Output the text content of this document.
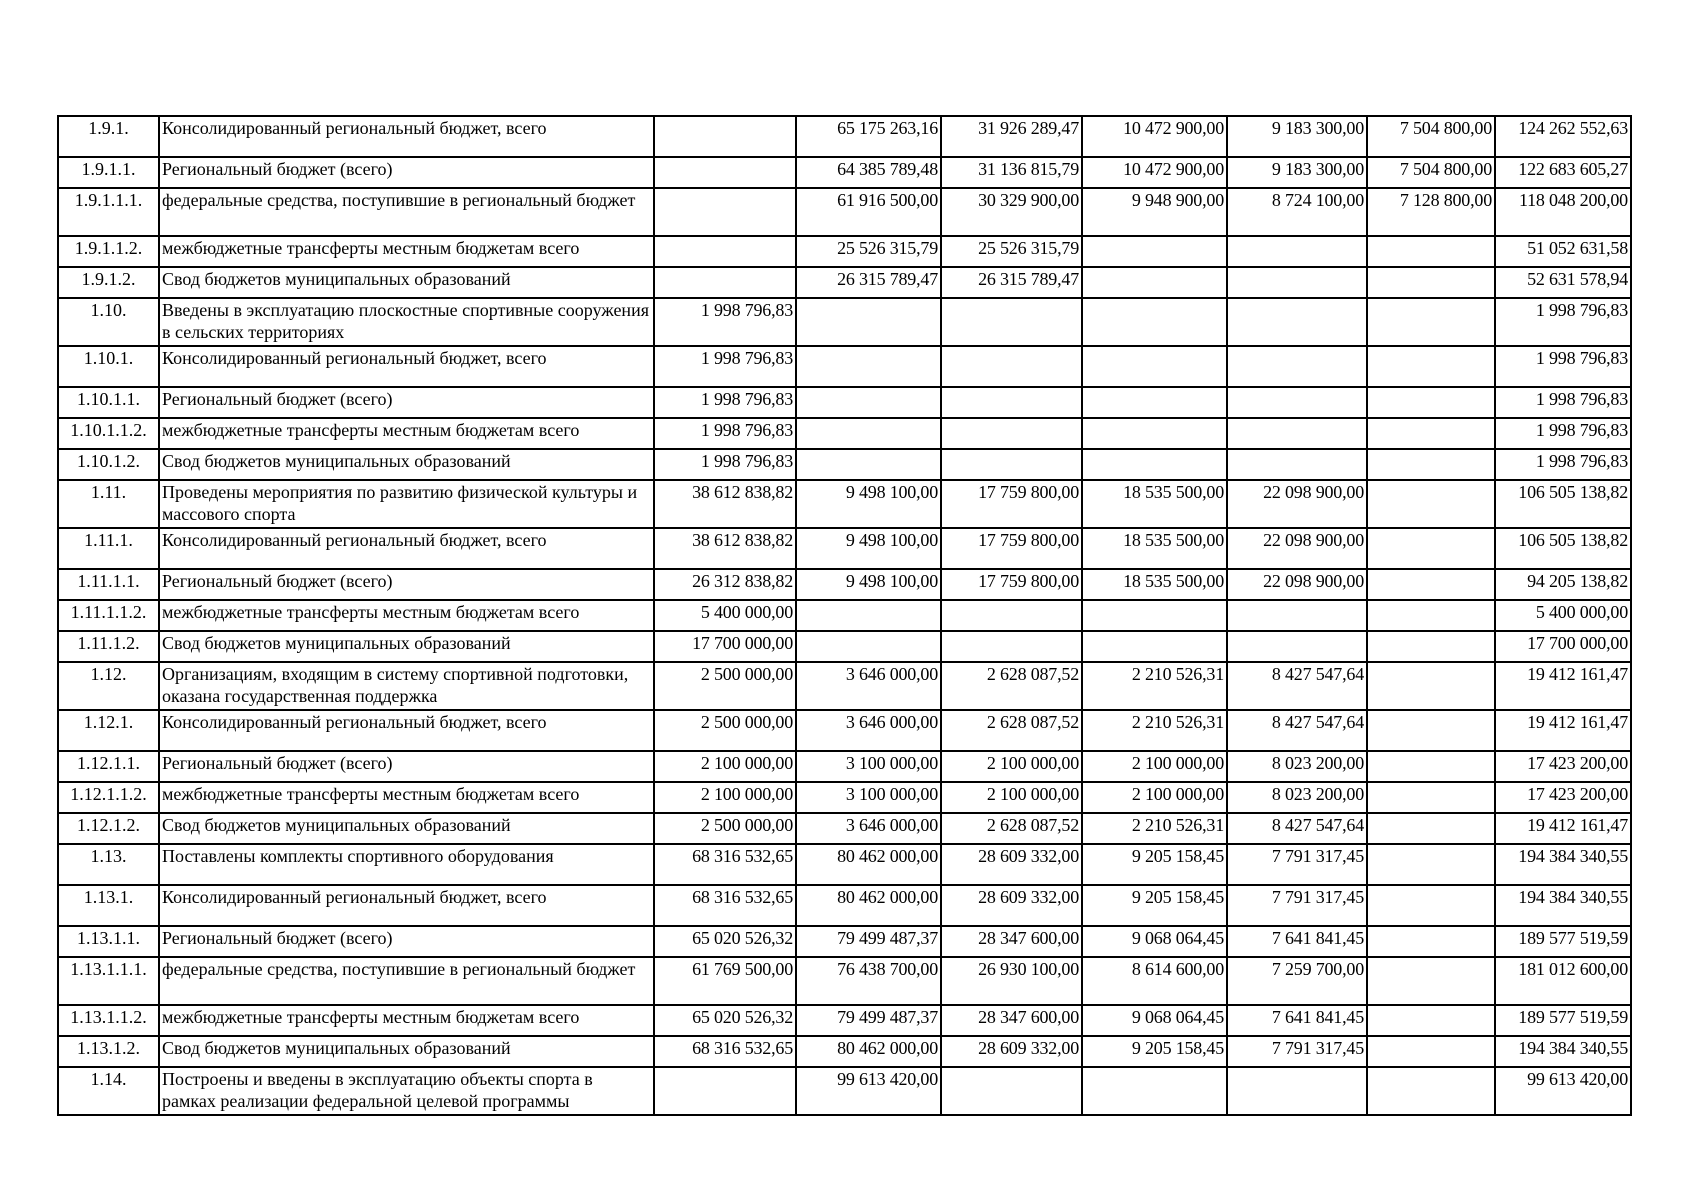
1.9.1.	Консолидированный региональный бюджет, всего		65 175 263,16	31 926 289,47	10 472 900,00	9 183 300,00	7 504 800,00	124 262 552,63
1.9.1.1.	Региональный бюджет (всего)		64 385 789,48	31 136 815,79	10 472 900,00	9 183 300,00	7 504 800,00	122 683 605,27
1.9.1.1.1.	федеральные средства, поступившие в региональный бюджет		61 916 500,00	30 329 900,00	9 948 900,00	8 724 100,00	7 128 800,00	118 048 200,00
1.9.1.1.2.	межбюджетные трансферты местным бюджетам всего		25 526 315,79	25 526 315,79				51 052 631,58
1.9.1.2.	Свод бюджетов муниципальных образований		26 315 789,47	26 315 789,47				52 631 578,94
1.10.	Введены в эксплуатацию плоскостные спортивные сооружения в сельских территориях	1 998 796,83						1 998 796,83
1.10.1.	Консолидированный региональный бюджет, всего	1 998 796,83						1 998 796,83
1.10.1.1.	Региональный бюджет (всего)	1 998 796,83						1 998 796,83
1.10.1.1.2.	межбюджетные трансферты местным бюджетам всего	1 998 796,83						1 998 796,83
1.10.1.2.	Свод бюджетов муниципальных образований	1 998 796,83						1 998 796,83
1.11.	Проведены мероприятия по развитию физической культуры и массового спорта	38 612 838,82	9 498 100,00	17 759 800,00	18 535 500,00	22 098 900,00		106 505 138,82
1.11.1.	Консолидированный региональный бюджет, всего	38 612 838,82	9 498 100,00	17 759 800,00	18 535 500,00	22 098 900,00		106 505 138,82
1.11.1.1.	Региональный бюджет (всего)	26 312 838,82	9 498 100,00	17 759 800,00	18 535 500,00	22 098 900,00		94 205 138,82
1.11.1.1.2.	межбюджетные трансферты местным бюджетам всего	5 400 000,00						5 400 000,00
1.11.1.2.	Свод бюджетов муниципальных образований	17 700 000,00						17 700 000,00
1.12.	Организациям, входящим в систему спортивной подготовки, оказана государственная поддержка	2 500 000,00	3 646 000,00	2 628 087,52	2 210 526,31	8 427 547,64		19 412 161,47
1.12.1.	Консолидированный региональный бюджет, всего	2 500 000,00	3 646 000,00	2 628 087,52	2 210 526,31	8 427 547,64		19 412 161,47
1.12.1.1.	Региональный бюджет (всего)	2 100 000,00	3 100 000,00	2 100 000,00	2 100 000,00	8 023 200,00		17 423 200,00
1.12.1.1.2.	межбюджетные трансферты местным бюджетам всего	2 100 000,00	3 100 000,00	2 100 000,00	2 100 000,00	8 023 200,00		17 423 200,00
1.12.1.2.	Свод бюджетов муниципальных образований	2 500 000,00	3 646 000,00	2 628 087,52	2 210 526,31	8 427 547,64		19 412 161,47
1.13.	Поставлены комплекты спортивного оборудования	68 316 532,65	80 462 000,00	28 609 332,00	9 205 158,45	7 791 317,45		194 384 340,55
1.13.1.	Консолидированный региональный бюджет, всего	68 316 532,65	80 462 000,00	28 609 332,00	9 205 158,45	7 791 317,45		194 384 340,55
1.13.1.1.	Региональный бюджет (всего)	65 020 526,32	79 499 487,37	28 347 600,00	9 068 064,45	7 641 841,45		189 577 519,59
1.13.1.1.1.	федеральные средства, поступившие в региональный бюджет	61 769 500,00	76 438 700,00	26 930 100,00	8 614 600,00	7 259 700,00		181 012 600,00
1.13.1.1.2.	межбюджетные трансферты местным бюджетам всего	65 020 526,32	79 499 487,37	28 347 600,00	9 068 064,45	7 641 841,45		189 577 519,59
1.13.1.2.	Свод бюджетов муниципальных образований	68 316 532,65	80 462 000,00	28 609 332,00	9 205 158,45	7 791 317,45		194 384 340,55
1.14.	Построены и введены в эксплуатацию объекты спорта в рамках реализации федеральной целевой программы		99 613 420,00					99 613 420,00
